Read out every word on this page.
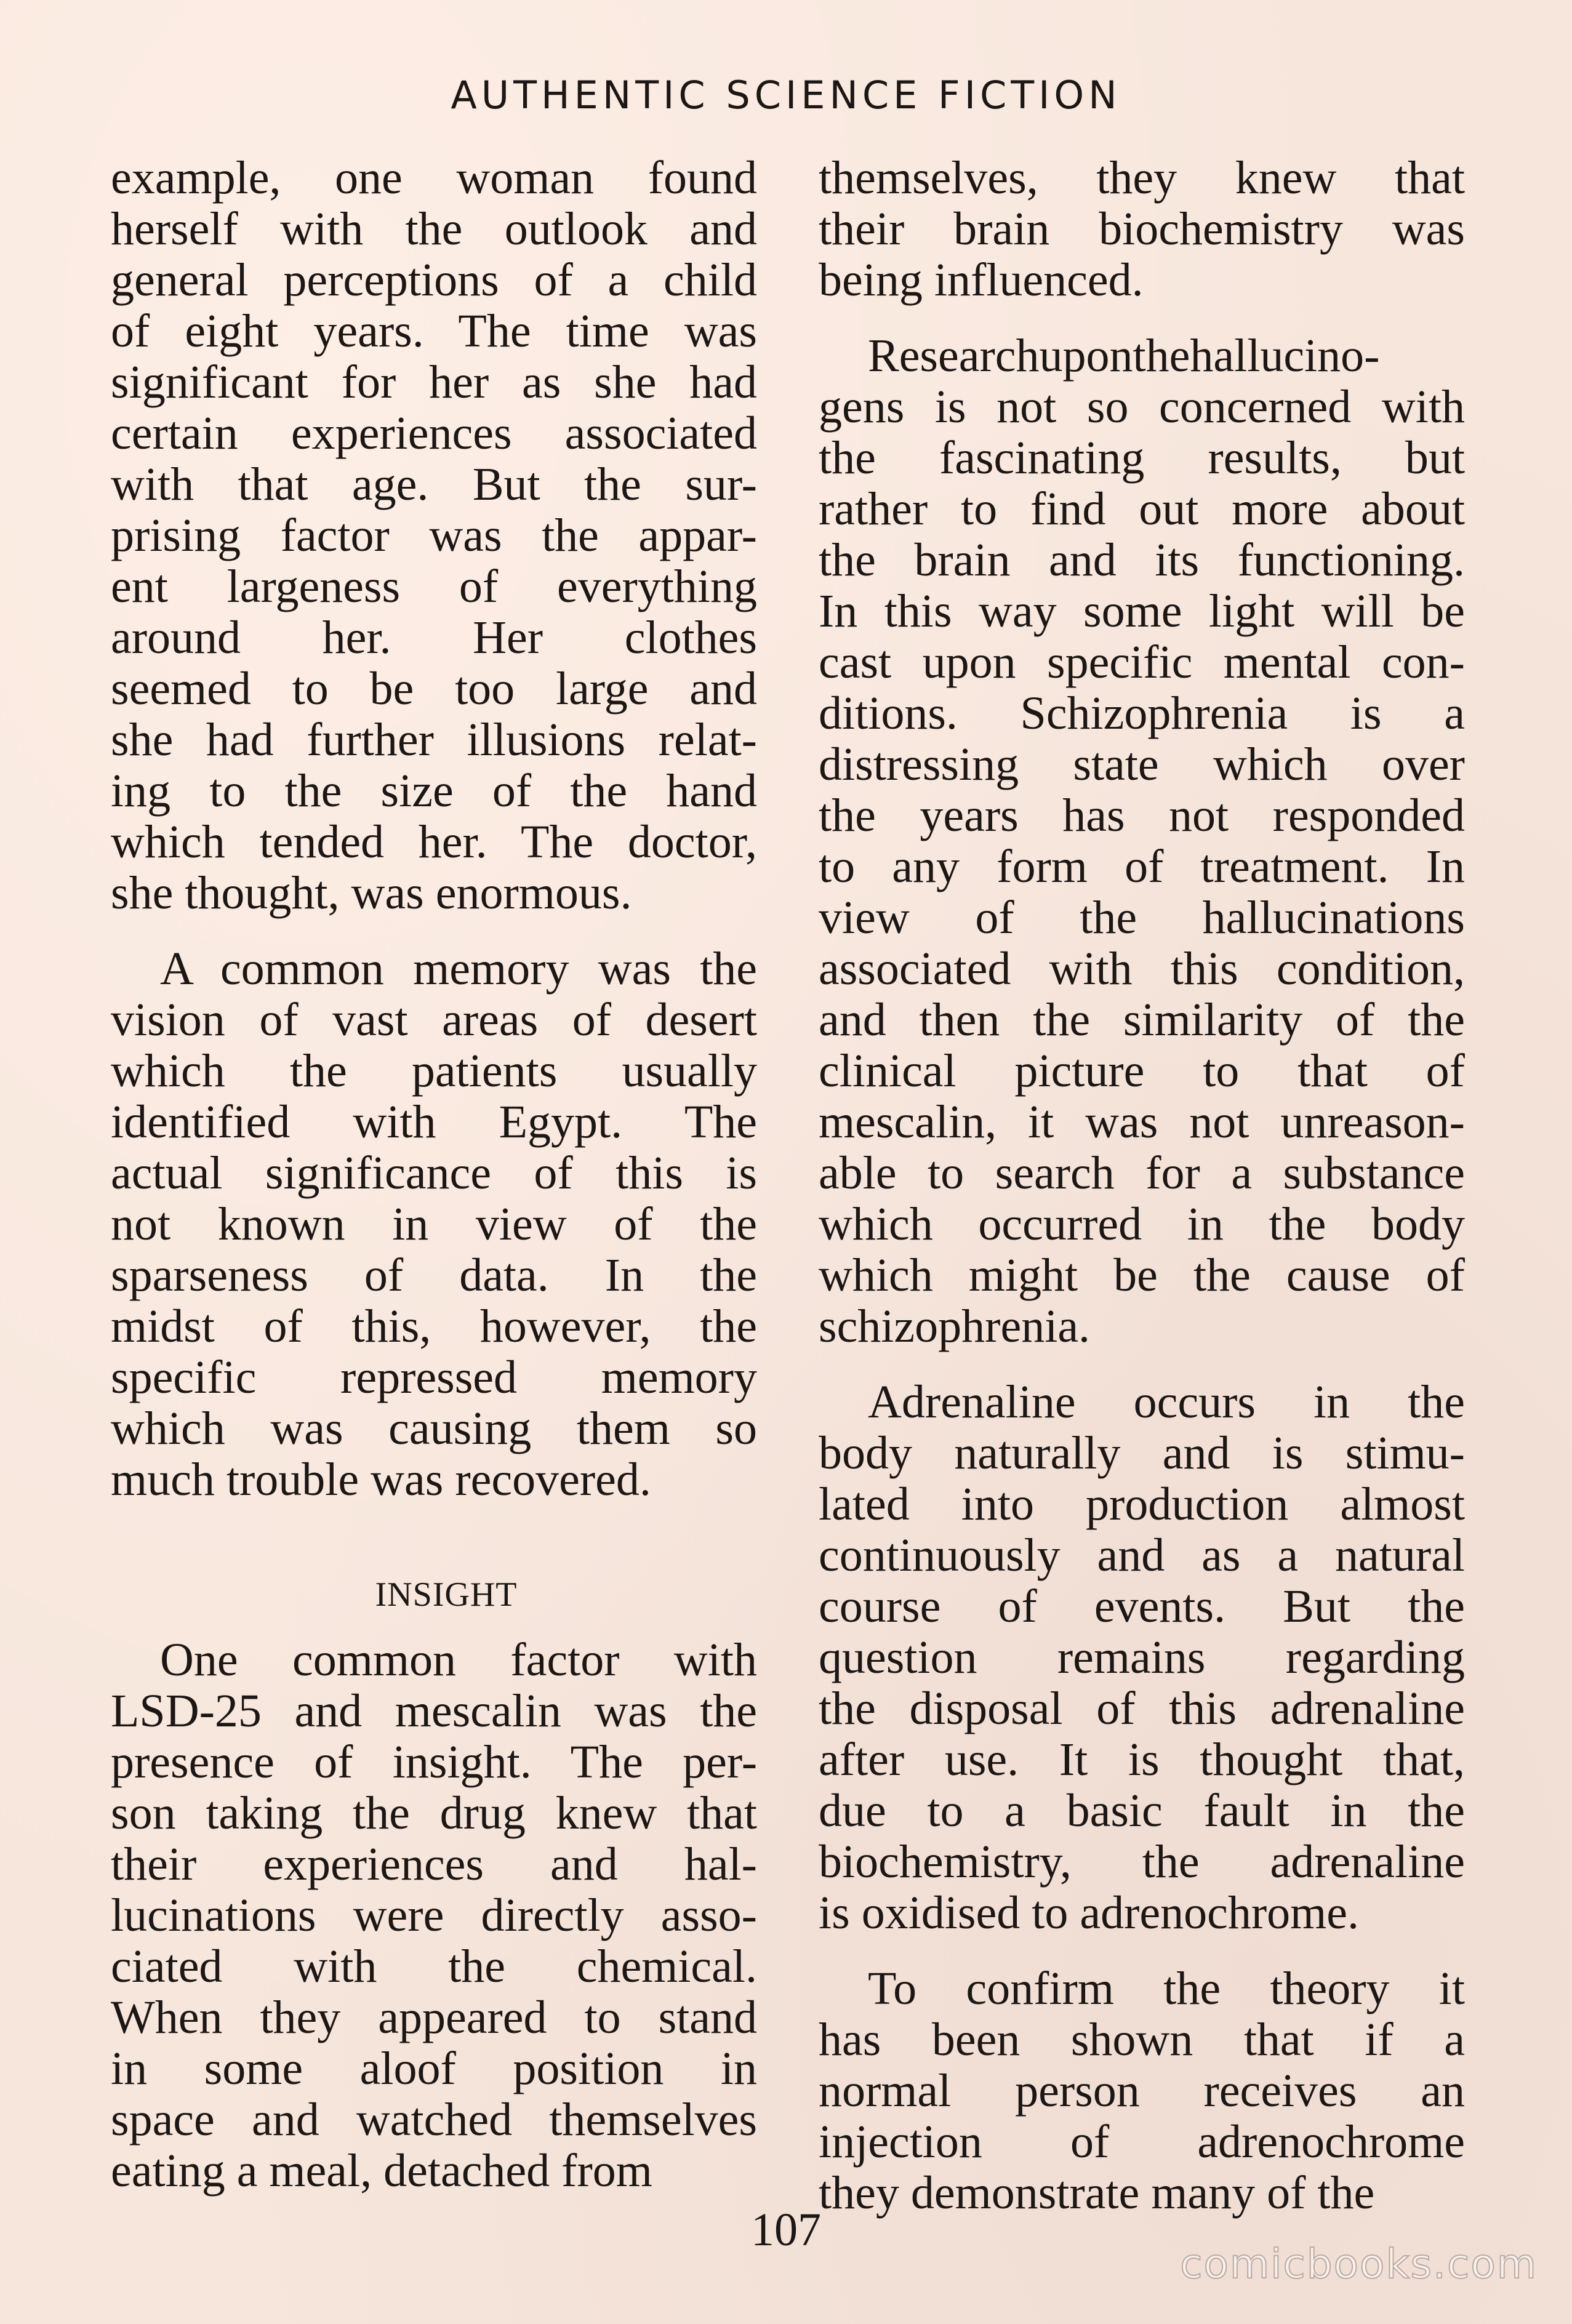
AUTHENTIC SCIENCE FICTION

example, one woman found
herself with the outlook and
general perceptions of a child
of eight years. The time was
significant for her as she had
certain experiences associated
with that age. But the sur-
prising factor was the appar-
ent largeness of everything
around her. Her clothes
seemed to be too large and
she had further illusions relat-
ing to the size of the hand
which tended her. The doctor,
she thought, was enormous.

A common memory was the
vision of vast areas of desert
which the patients usually
identified with Egypt. The
actual significance of this is
not known in view of the
sparseness of data. In the
midst of this, however, the
specific repressed memory
which was causing them so
much trouble was recovered.

INSIGHT

One common factor with
LSD-25 and mescalin was the
presence of insight. The per-
son taking the drug knew that
their experiences and hal-
lucinations were directly asso-
ciated with the chemical.
When they appeared to stand
in some aloof position in
space and watched themselves
eating a meal, detached from

themselves, they knew that
their brain biochemistry was
being influenced.

Researchuponthehallucino-
gens is not so concerned with
the fascinating results, but
rather to find out more about
the brain and its functioning.
In this way some light will be
cast upon specific mental con-
ditions. Schizophrenia is a
distressing state which over
the years has not responded
to any form of treatment. In
view of the hallucinations
associated with this condition,
and then the similarity of the
clinical picture to that of
mescalin, it was not unreason-
able to search for a substance
which occurred in the body
which might be the cause of
schizophrenia.

Adrenaline occurs in the
body naturally and is stimu-
lated into production almost
continuously and as a natural
course of events. But the
question remains regarding
the disposal of this adrenaline
after use. It is thought that,
due to a basic fault in the
biochemistry, the adrenaline
is oxidised to adrenochrome.

To confirm the theory it
has been shown that if a
normal person receives an
injection of adrenochrome
they demonstrate many of the

107
comicbooks.com
